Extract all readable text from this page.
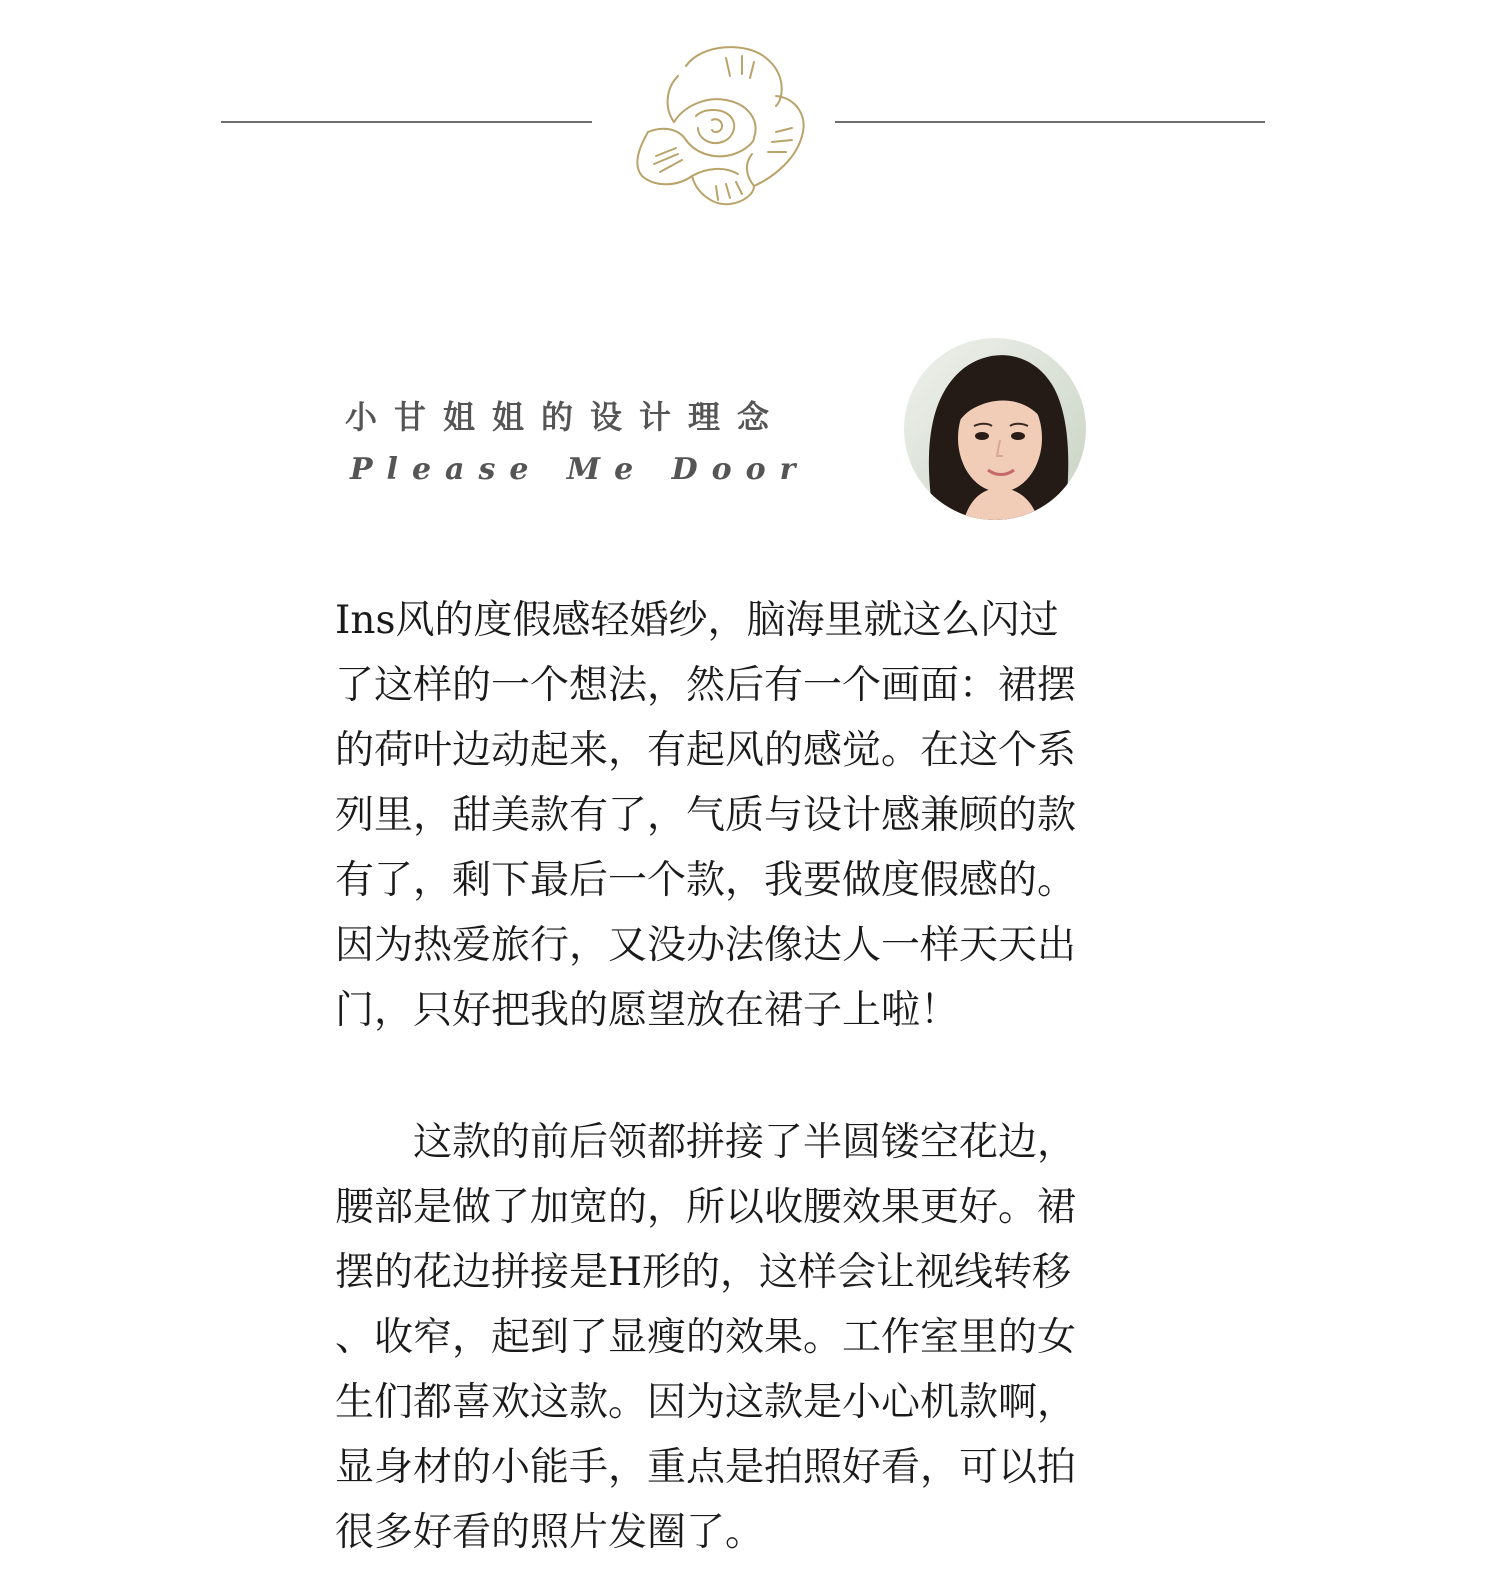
小甘姐姐的设计理念
Please Me Door

Ins风的度假感轻婚纱，脑海里就这么闪过
了这样的一个想法，然后有一个画面：裙摆
的荷叶边动起来，有起风的感觉。在这个系
列里，甜美款有了，气质与设计感兼顾的款
有了，剩下最后一个款，我要做度假感的。
因为热爱旅行，又没办法像达人一样天天出
门，只好把我的愿望放在裙子上啦！

　　这款的前后领都拼接了半圆镂空花边，
腰部是做了加宽的，所以收腰效果更好。裙
摆的花边拼接是H形的，这样会让视线转移
、收窄，起到了显瘦的效果。工作室里的女
生们都喜欢这款。因为这款是小心机款啊，
显身材的小能手，重点是拍照好看，可以拍
很多好看的照片发圈了。
